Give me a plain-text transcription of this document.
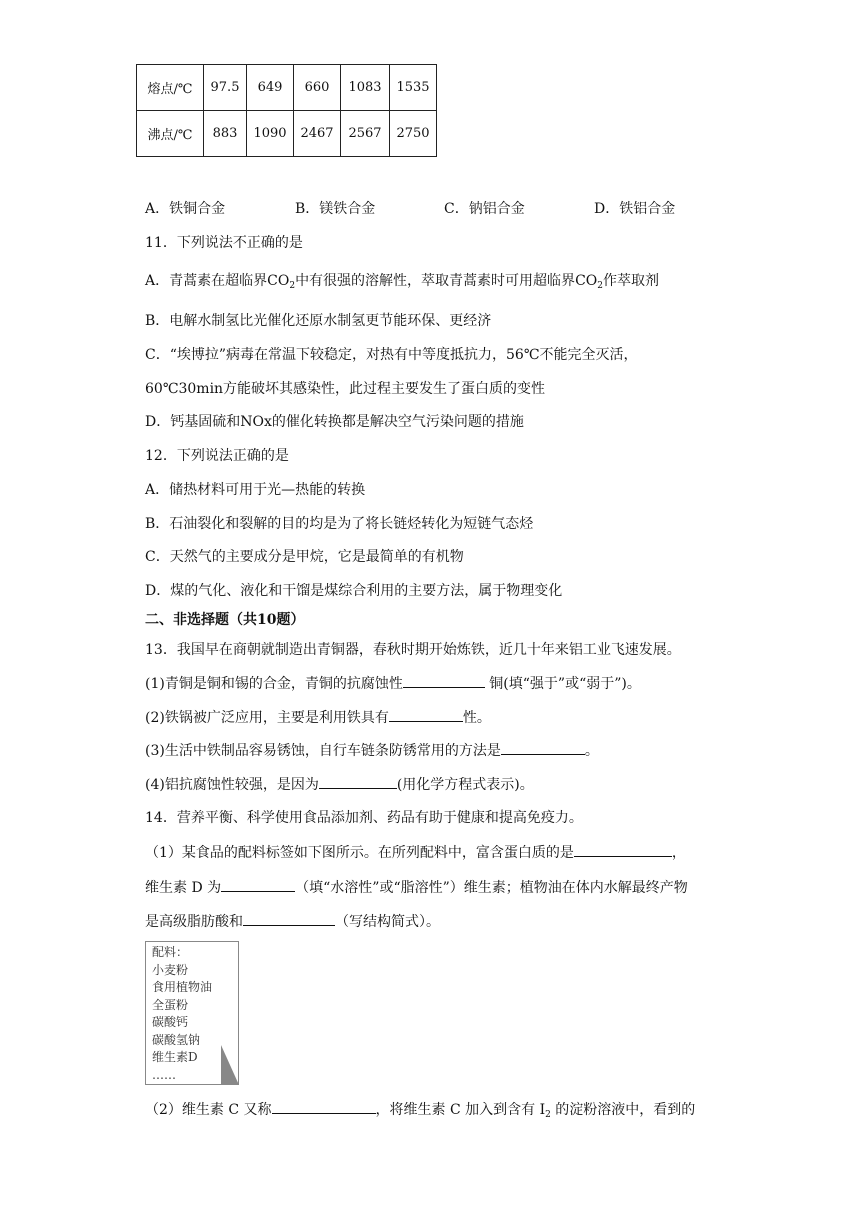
熔点/℃	97.5	649	660	1083	1535
沸点/℃	883	1090	2467	2567	2750
A．铁铜合金	B．镁铁合金	C．钠铝合金	D．铁铝合金
11．下列说法不正确的是
A．青蒿素在超临界$CO_2$中有很强的溶解性，萃取青蒿素时可用超临界$CO_2$作萃取剂
B．电解水制氢比光催化还原水制氢更节能环保、更经济
C．“埃博拉”病毒在常温下较稳定，对热有中等度抵抗力，56℃不能完全灭活，
60℃30min方能破坏其感染性，此过程主要发生了蛋白质的变性
D．钙基固硫和NOx的催化转换都是解决空气污染问题的措施
12．下列说法正确的是
A．储热材料可用于光—热能的转换
B．石油裂化和裂解的目的均是为了将长链烃转化为短链气态烃
C．天然气的主要成分是甲烷，它是最简单的有机物
D．煤的气化、液化和干馏是煤综合利用的主要方法，属于物理变化
二、非选择题（共10题）
13．我国早在商朝就制造出青铜器，春秋时期开始炼铁，近几十年来铝工业飞速发展。
(1)青铜是铜和锡的合金，青铜的抗腐蚀性	铜(填“强于”或“弱于”)。
(2)铁锅被广泛应用，主要是利用铁具有	性。
(3)生活中铁制品容易锈蚀，自行车链条防锈常用的方法是	。
(4)铝抗腐蚀性较强，是因为	(用化学方程式表示)。
14．营养平衡、科学使用食品添加剂、药品有助于健康和提高免疫力。
（1）某食品的配料标签如下图所示。在所列配料中，富含蛋白质的是	，
维生素 D 为	（填“水溶性”或“脂溶性”）维生素；植物油在体内水解最终产物
是高级脂肪酸和	（写结构简式）。
配料：
小麦粉
食用植物油
全蛋粉
碳酸钙
碳酸氢钠
维生素D
……
（2）维生素 C 又称	，将维生素 C 加入到含有 $I_2$ 的淀粉溶液中，看到的
